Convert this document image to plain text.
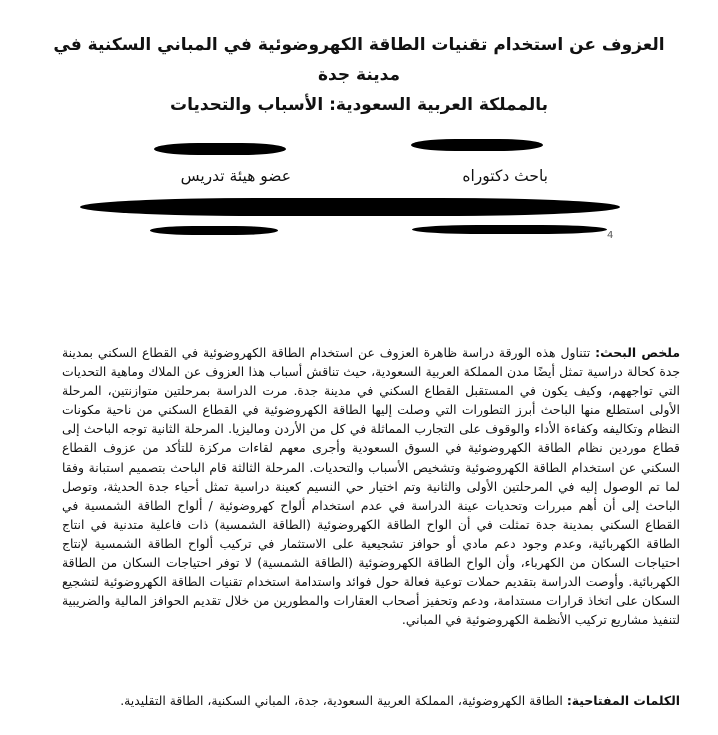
العزوف عن استخدام تقنيات الطاقة الكهروضوئية في المباني السكنية في مدينة جدة
بالمملكة العربية السعودية: الأسباب والتحديات
باحث دكتوراه
عضو هيئة تدريس
4

ملخص البحث: تتناول هذه الورقة دراسة ظاهرة العزوف عن استخدام الطاقة الكهروضوئية في القطاع السكني بمدينة جدة كحالة دراسية تمثل أيضًا مدن المملكة العربية السعودية، حيث تناقش أسباب هذا العزوف عن الملاك وماهية التحديات التي تواجههم، وكيف يكون في المستقبل القطاع السكني في مدينة جدة. مرت الدراسة بمرحلتين متوازنتين، المرحلة الأولى استطلع منها الباحث أبرز التطورات التي وصلت إليها الطاقة الكهروضوئية في القطاع السكني من ناحية مكونات النظام وتكاليفه وكفاءة الأداء والوقوف على التجارب المماثلة في كل من الأردن وماليزيا. المرحلة الثانية توجه الباحث إلى قطاع موردين نظام الطاقة الكهروضوئية في السوق السعودية وأجرى معهم لقاءات مركزة للتأكد من عزوف القطاع السكني عن استخدام الطاقة الكهروضوئية وتشخيص الأسباب والتحديات. المرحلة الثالثة قام الباحث بتصميم استبانة وفقا لما تم الوصول إليه في المرحلتين الأولى والثانية وتم اختيار حي النسيم كعينة دراسية تمثل أحياء جدة الحديثة، وتوصل الباحث إلى أن أهم مبررات وتحديات عينة الدراسة في عدم استخدام ألواح كهروضوئية / ألواح الطاقة الشمسية في القطاع السكني بمدينة جدة تمثلت في أن الواح الطاقة الكهروضوئية (الطاقة الشمسية) ذات فاعلية متدنية في انتاج الطاقة الكهربائية، وعدم وجود دعم مادي أو حوافز تشجيعية على الاستثمار في تركيب ألواح الطاقة الشمسية لإنتاج احتياجات السكان من الكهرباء، وأن الواح الطاقة الكهروضوئية (الطاقة الشمسية) لا توفر احتياجات السكان من الطاقة الكهربائية. وأوصت الدراسة بتقديم حملات توعية فعالة حول فوائد واستدامة استخدام تقنيات الطاقة الكهروضوئية لتشجيع السكان على اتخاذ قرارات مستدامة، ودعم وتحفيز أصحاب العقارات والمطورين من خلال تقديم الحوافز المالية والضريبية لتنفيذ مشاريع تركيب الأنظمة الكهروضوئية في المباني.

الكلمات المفتاحية: الطاقة الكهروضوئية، المملكة العربية السعودية، جدة، المباني السكنية، الطاقة التقليدية.
